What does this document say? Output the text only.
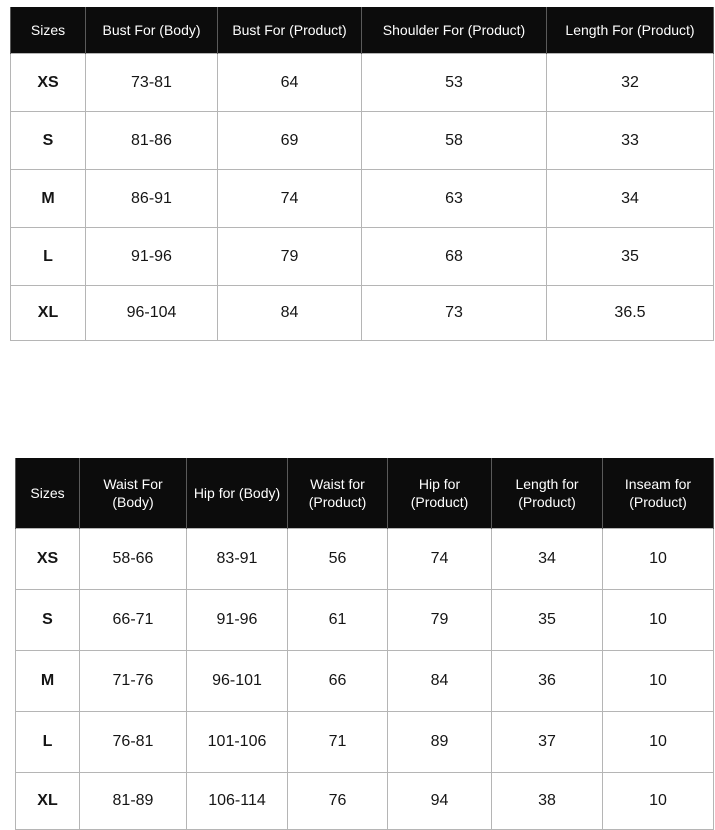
Sizes	Bust For (Body)	Bust For (Product)	Shoulder For (Product)	Length For (Product)
XS	73-81	64	53	32
S	81-86	69	58	33
M	86-91	74	63	34
L	91-96	79	68	35
XL	96-104	84	73	36.5
Sizes	Waist For (Body)	Hip for (Body)	Waist for (Product)	Hip for (Product)	Length for (Product)	Inseam for (Product)
XS	58-66	83-91	56	74	34	10
S	66-71	91-96	61	79	35	10
M	71-76	96-101	66	84	36	10
L	76-81	101-106	71	89	37	10
XL	81-89	106-114	76	94	38	10
